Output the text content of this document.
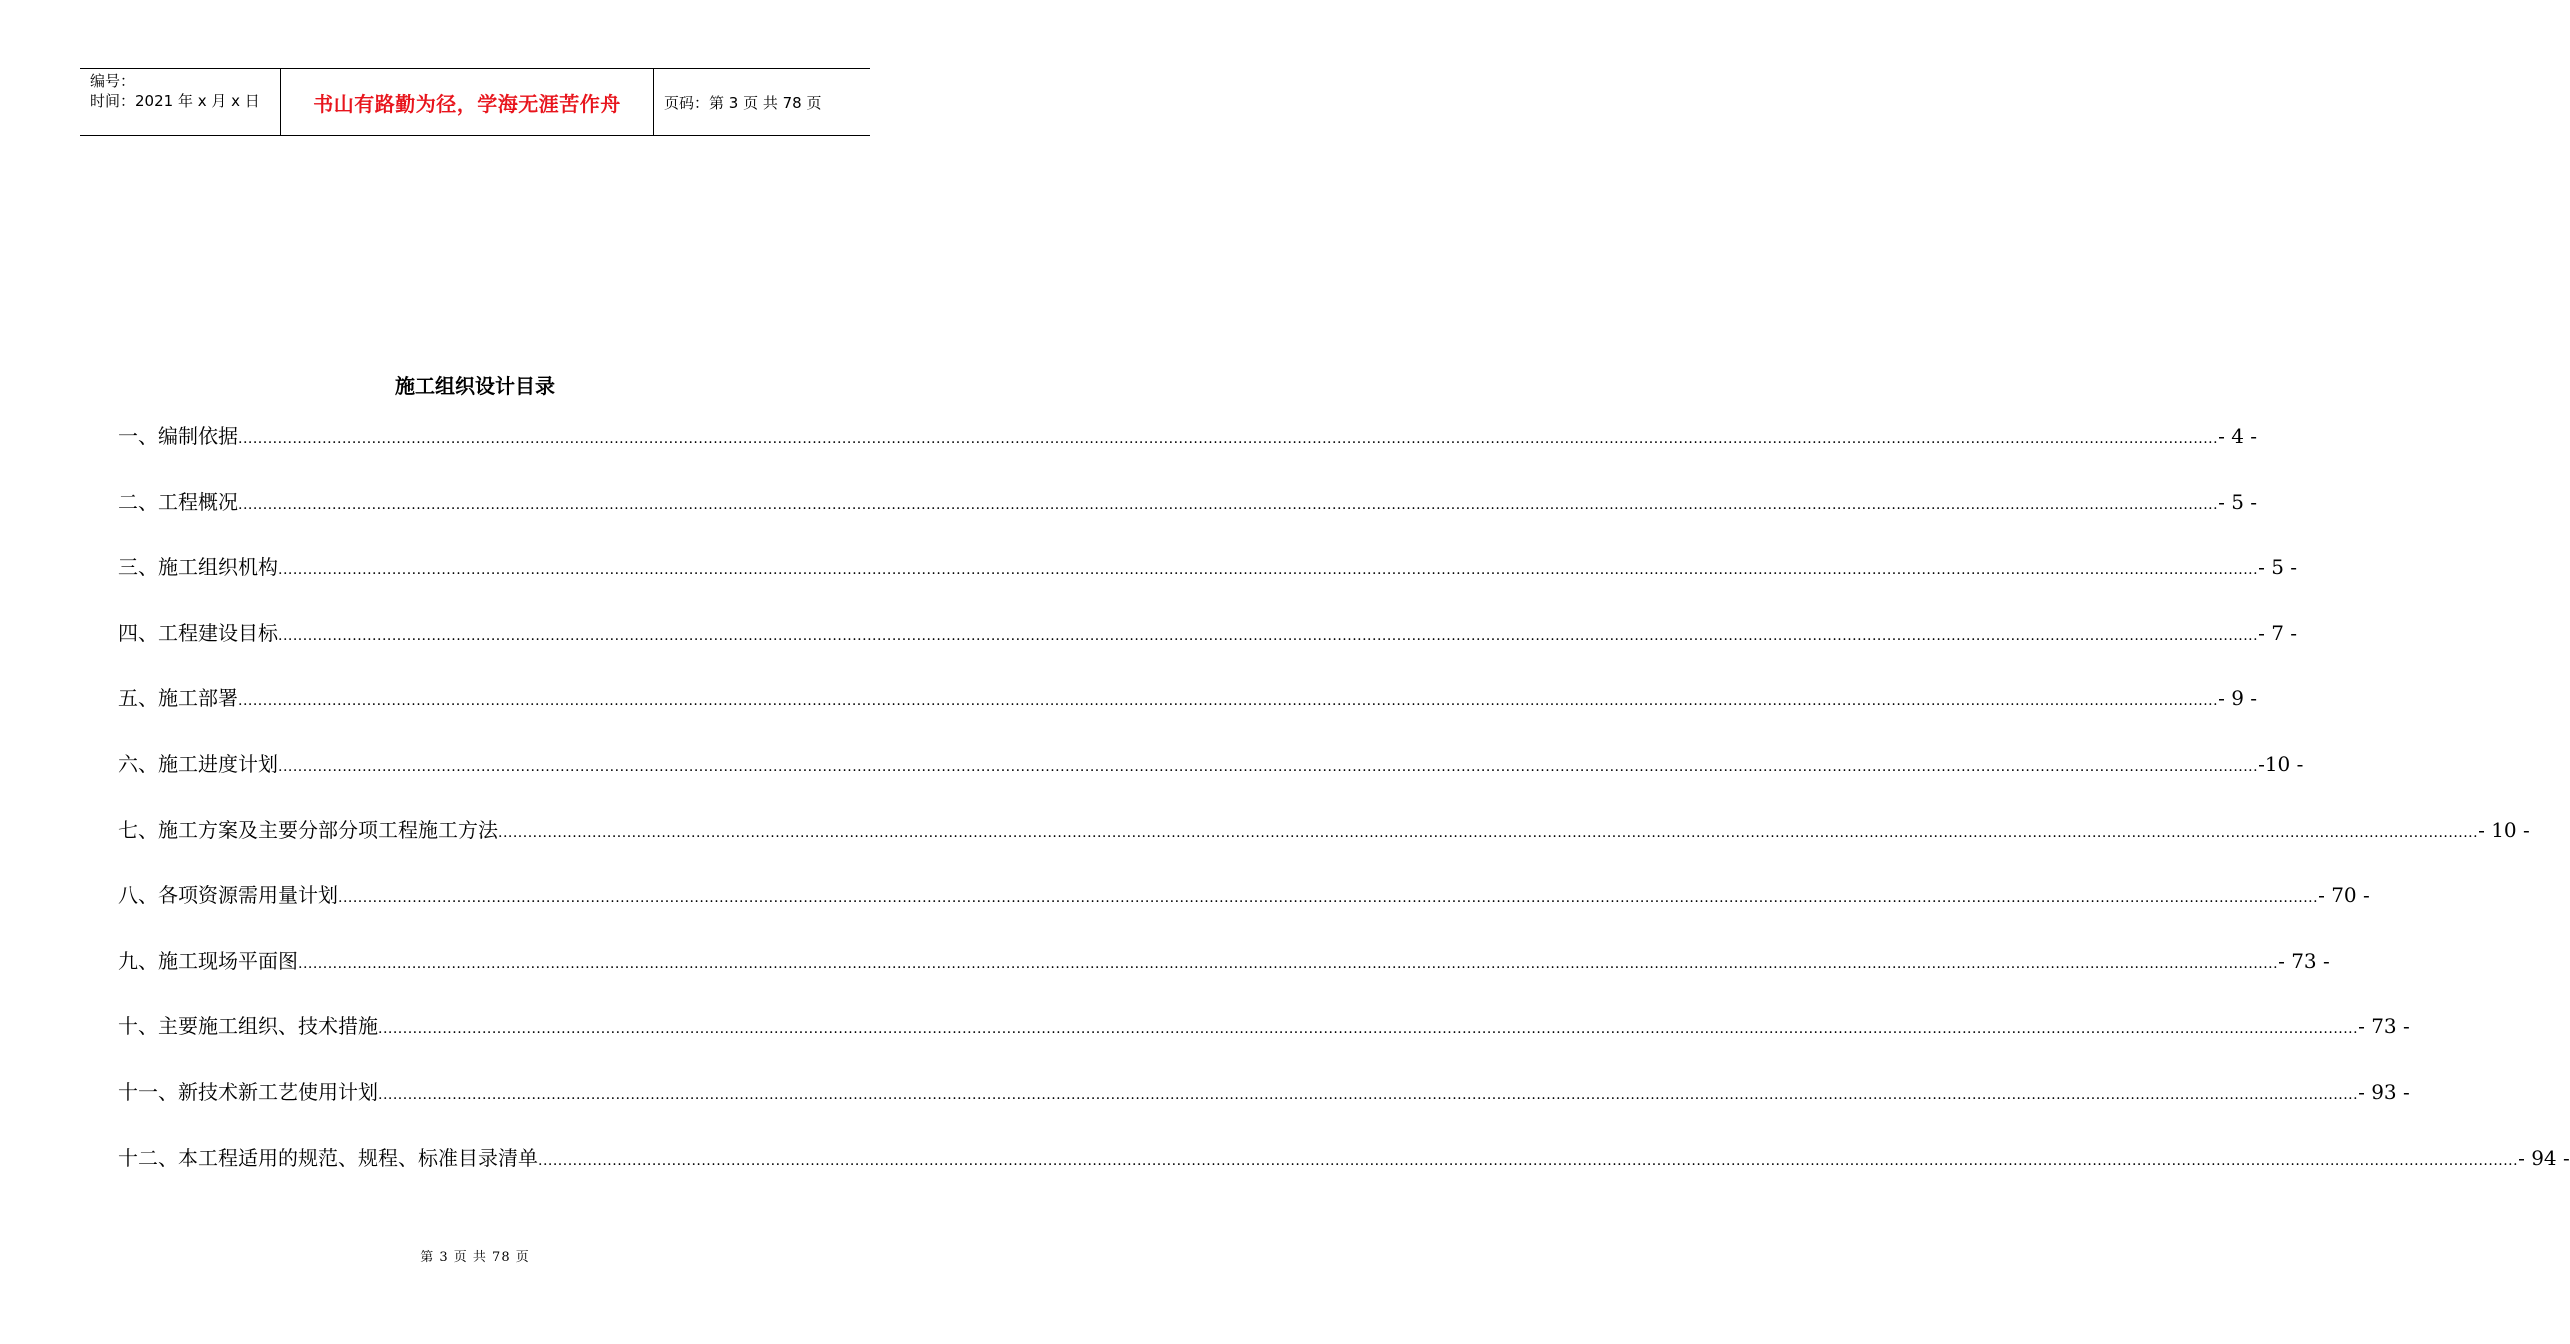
编号：
时间：2021 年 x 月 x 日	书山有路勤为径，学海无涯苦作舟	页码：第 3 页 共 78 页
施工组织设计目录
一、编制依据 ................................................................................................................................................................................................................................................................................................................................................................................................................ - 4 -
二、工程概况 ................................................................................................................................................................................................................................................................................................................................................................................................................ - 5 -
三、施工组织机构 ................................................................................................................................................................................................................................................................................................................................................................................................................ - 5 -
四、工程建设目标 ................................................................................................................................................................................................................................................................................................................................................................................................................ - 7 -
五、施工部署 ................................................................................................................................................................................................................................................................................................................................................................................................................ - 9 -
六、施工进度计划 ................................................................................................................................................................................................................................................................................................................................................................................................................ -10 -
七、施工方案及主要分部分项工程施工方法 ................................................................................................................................................................................................................................................................................................................................................................................................................ - 10 -
八、各项资源需用量计划 ................................................................................................................................................................................................................................................................................................................................................................................................................ - 70 -
九、施工现场平面图 ................................................................................................................................................................................................................................................................................................................................................................................................................ - 73 -
十、主要施工组织、技术措施 ................................................................................................................................................................................................................................................................................................................................................................................................................ - 73 -
十一、新技术新工艺使用计划 ................................................................................................................................................................................................................................................................................................................................................................................................................ - 93 -
十二、本工程适用的规范、规程、标准目录清单 ................................................................................................................................................................................................................................................................................................................................................................................................................ - 94 -
第 3 页 共 78 页
